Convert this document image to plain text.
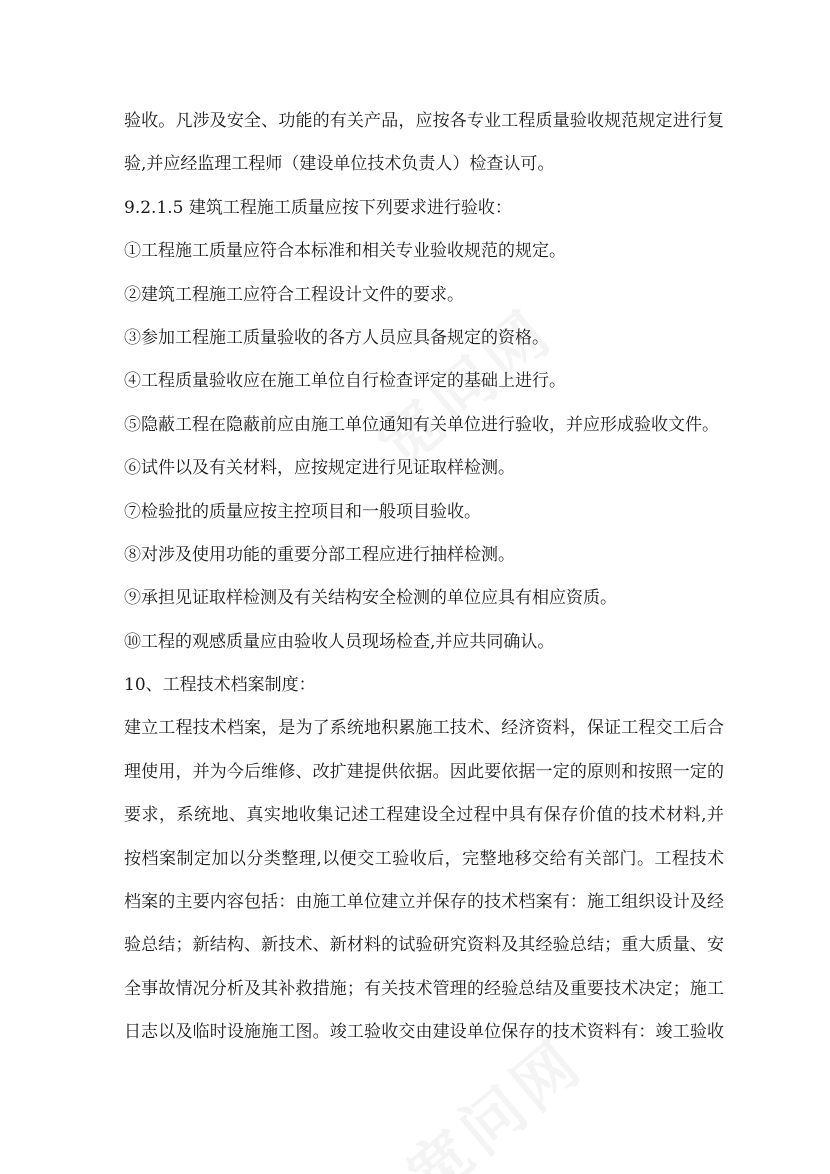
验收。凡涉及安全、功能的有关产品，应按各专业工程质量验收规范规定进行复
验,并应经监理工程师（建设单位技术负责人）检查认可。
9.2.1.5 建筑工程施工质量应按下列要求进行验收：
①工程施工质量应符合本标准和相关专业验收规范的规定。
②建筑工程施工应符合工程设计文件的要求。
③参加工程施工质量验收的各方人员应具备规定的资格。
④工程质量验收应在施工单位自行检查评定的基础上进行。
⑤隐蔽工程在隐蔽前应由施工单位通知有关单位进行验收，并应形成验收文件。
⑥试件以及有关材料，应按规定进行见证取样检测。
⑦检验批的质量应按主控项目和一般项目验收。
⑧对涉及使用功能的重要分部工程应进行抽样检测。
⑨承担见证取样检测及有关结构安全检测的单位应具有相应资质。
⑩工程的观感质量应由验收人员现场检查,并应共同确认。
10、工程技术档案制度：
建立工程技术档案，是为了系统地积累施工技术、经济资料，保证工程交工后合
理使用，并为今后维修、改扩建提供依据。因此要依据一定的原则和按照一定的
要求，系统地、真实地收集记述工程建设全过程中具有保存价值的技术材料,并
按档案制定加以分类整理,以便交工验收后，完整地移交给有关部门。工程技术
档案的主要内容包括：由施工单位建立并保存的技术档案有：施工组织设计及经
验总结；新结构、新技术、新材料的试验研究资料及其经验总结；重大质量、安
全事故情况分析及其补救措施；有关技术管理的经验总结及重要技术决定；施工
日志以及临时设施施工图。竣工验收交由建设单位保存的技术资料有：竣工验收
